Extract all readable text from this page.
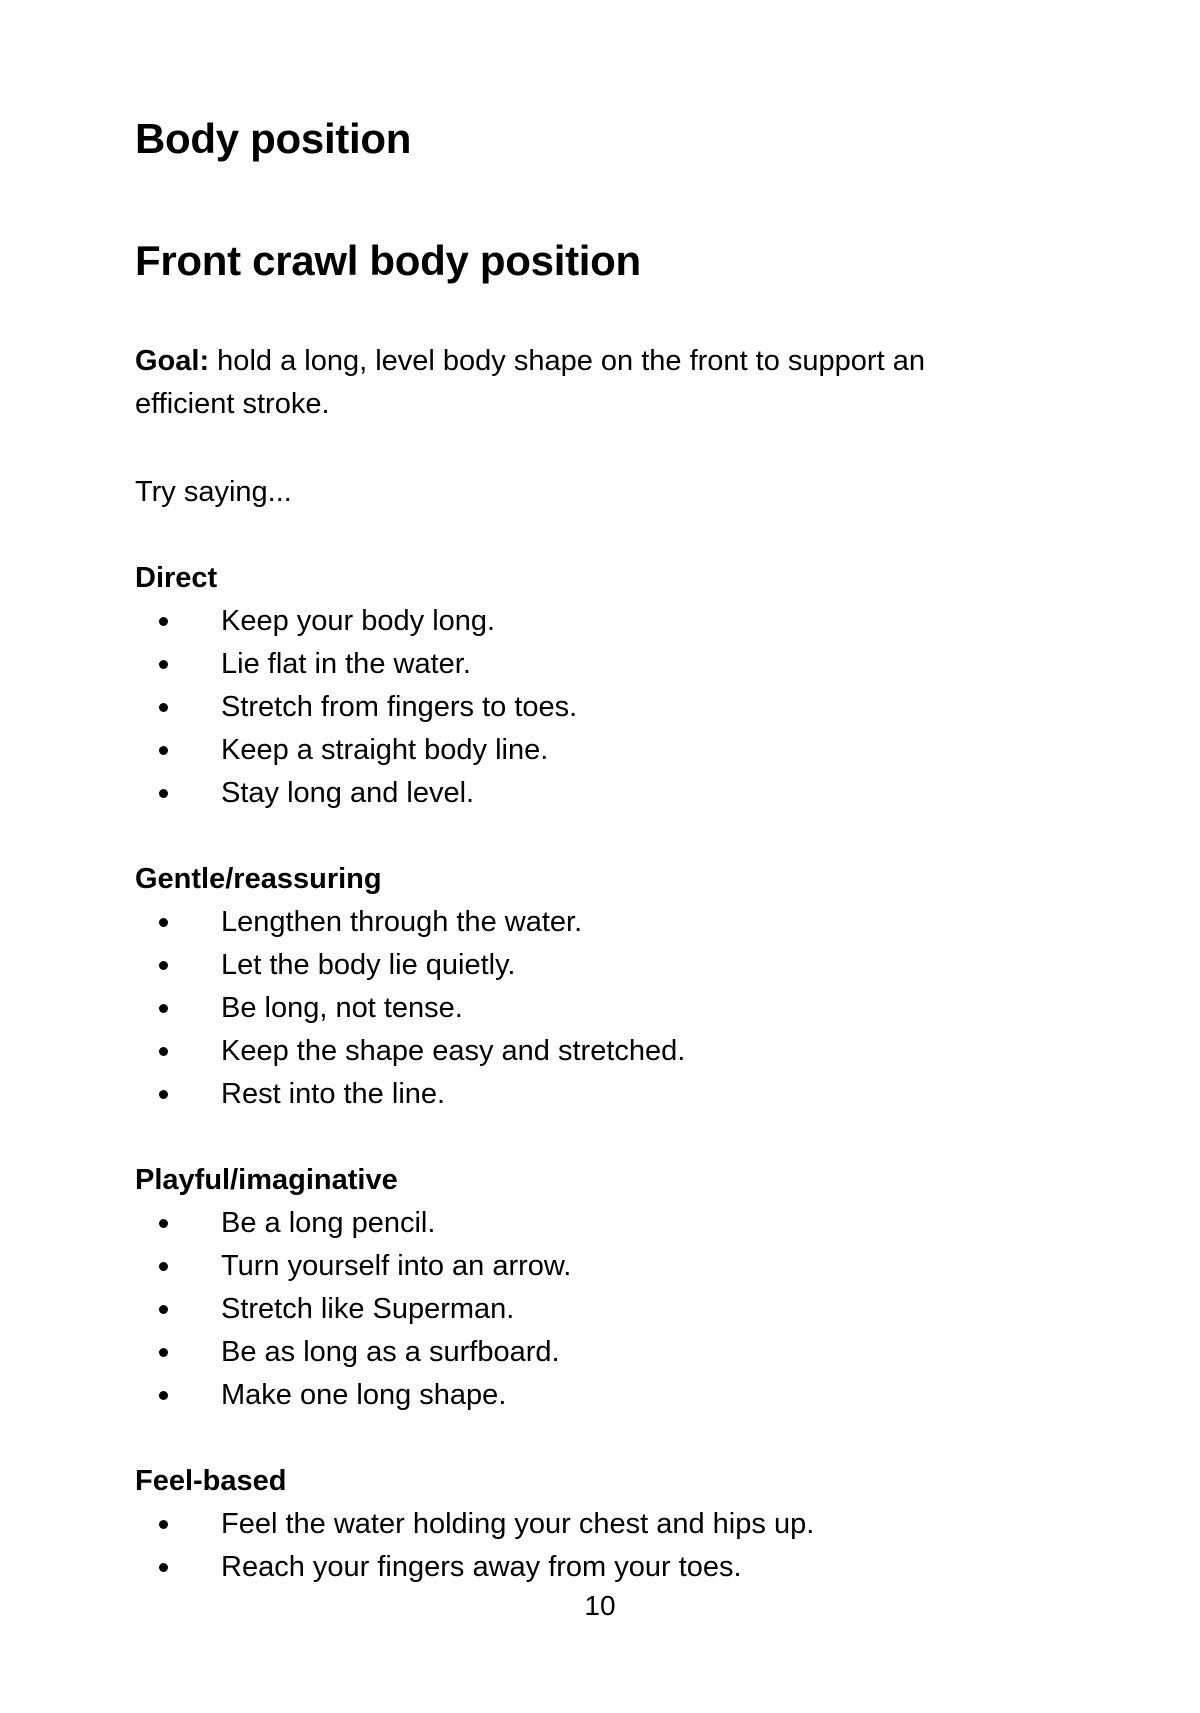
Body position
Front crawl body position

Goal: hold a long, level body shape on the front to support an
efficient stroke.

Try saying...

Direct
Keep your body long.
Lie flat in the water.
Stretch from fingers to toes.
Keep a straight body line.
Stay long and level.
Gentle/reassuring
Lengthen through the water.
Let the body lie quietly.
Be long, not tense.
Keep the shape easy and stretched.
Rest into the line.
Playful/imaginative
Be a long pencil.
Turn yourself into an arrow.
Stretch like Superman.
Be as long as a surfboard.
Make one long shape.
Feel-based
Feel the water holding your chest and hips up.
Reach your fingers away from your toes.
10
